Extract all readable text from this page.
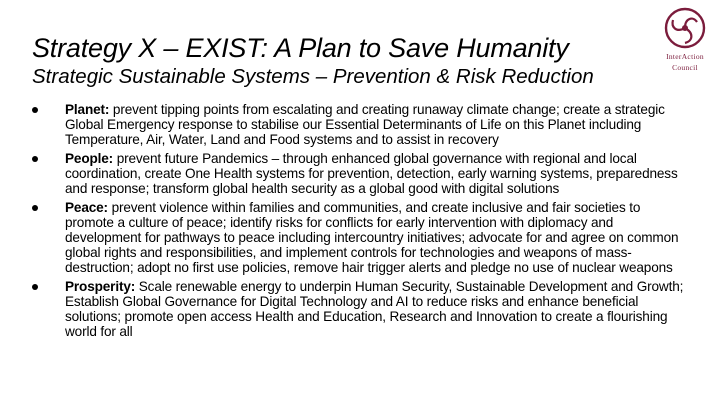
Strategy X – EXIST: A Plan to Save Humanity
Strategic Sustainable Systems – Prevention & Risk Reduction
InterAction
Council
Planet: prevent tipping points from escalating and creating runaway climate change; create a strategic Global Emergency response to stabilise our Essential Determinants of Life on this Planet including Temperature, Air, Water, Land and Food systems and to assist in recovery
People: prevent future Pandemics – through enhanced global governance with regional and local coordination, create One Health systems for prevention, detection, early warning systems, preparedness and response; transform global health security as a global good with digital solutions
Peace: prevent violence within families and communities, and create inclusive and fair societies to promote a culture of peace; identify risks for conflicts for early intervention with diplomacy and development for pathways to peace including intercountry initiatives; advocate for and agree on common global rights and responsibilities, and implement controls for technologies and weapons of mass-destruction; adopt no first use policies, remove hair trigger alerts and pledge no use of nuclear weapons
Prosperity: Scale renewable energy to underpin Human Security, Sustainable Development and Growth; Establish Global Governance for Digital Technology and AI to reduce risks and enhance beneficial solutions; promote open access Health and Education, Research and Innovation to create a flourishing world for all
